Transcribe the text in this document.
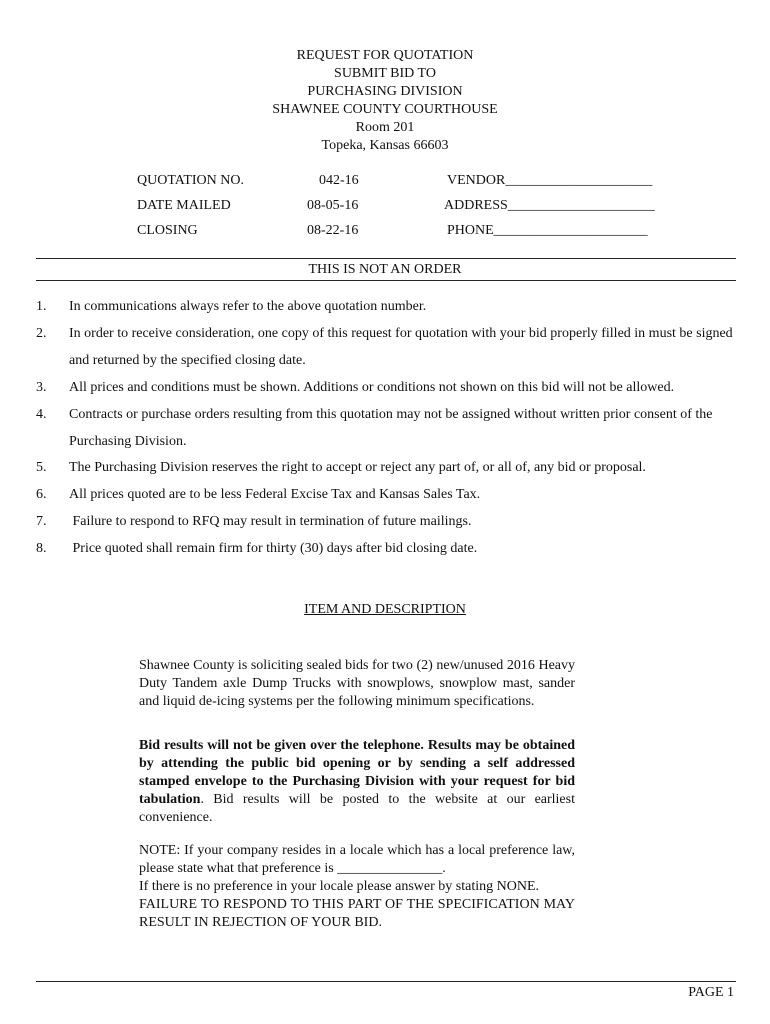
REQUEST FOR QUOTATION
SUBMIT BID TO
PURCHASING DIVISION
SHAWNEE COUNTY COURTHOUSE
Room 201
Topeka, Kansas 66603
QUOTATION NO.	042-16	VENDOR_____________________
DATE MAILED	08-05-16	ADDRESS_____________________
CLOSING	08-22-16	PHONE______________________
THIS IS NOT AN ORDER
1. In communications always refer to the above quotation number.
2. In order to receive consideration, one copy of this request for quotation with your bid properly filled in must be signed and returned by the specified closing date.
3. All prices and conditions must be shown. Additions or conditions not shown on this bid will not be allowed.
4. Contracts or purchase orders resulting from this quotation may not be assigned without written prior consent of the Purchasing Division.
5. The Purchasing Division reserves the right to accept or reject any part of, or all of, any bid or proposal.
6. All prices quoted are to be less Federal Excise Tax and Kansas Sales Tax.
7. Failure to respond to RFQ may result in termination of future mailings.
8. Price quoted shall remain firm for thirty (30) days after bid closing date.
ITEM AND DESCRIPTION
Shawnee County is soliciting sealed bids for two (2) new/unused 2016 Heavy Duty Tandem axle Dump Trucks with snowplows, snowplow mast, sander and liquid de-icing systems per the following minimum specifications.
Bid results will not be given over the telephone. Results may be obtained by attending the public bid opening or by sending a self addressed stamped envelope to the Purchasing Division with your request for bid tabulation. Bid results will be posted to the website at our earliest convenience.
NOTE: If your company resides in a locale which has a local preference law, please state what that preference is _______________.
If there is no preference in your locale please answer by stating NONE.
FAILURE TO RESPOND TO THIS PART OF THE SPECIFICATION MAY RESULT IN REJECTION OF YOUR BID.
PAGE 1
